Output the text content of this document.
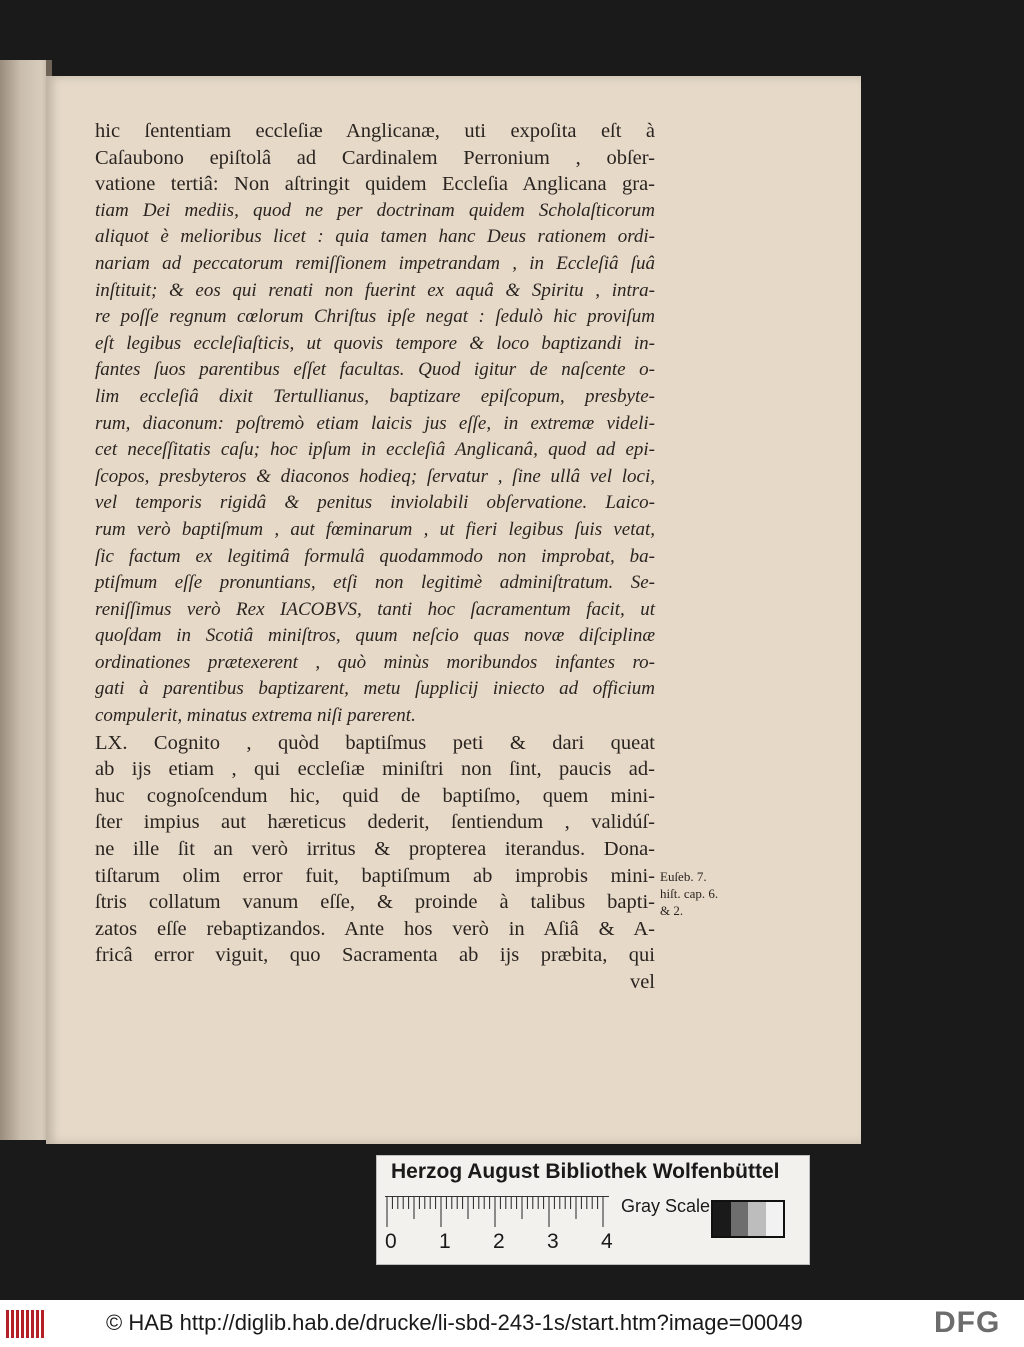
hic ſententiam eccleſiæ Anglicanæ, uti expoſita eſt à
Caſaubono epiſtolâ ad Cardinalem Perronium , obſer-
vatione tertiâ: Non aſtringit quidem Eccleſia Anglicana gra-
tiam Dei mediis, quod ne per doctrinam quidem Scholaſticorum
aliquot è melioribus licet : quia tamen hanc Deus rationem ordi-
nariam ad peccatorum remiſſionem impetrandam , in Eccleſiâ ſuâ
inſtituit; & eos qui renati non fuerint ex aquâ & Spiritu , intra-
re poſſe regnum cœlorum Chriſtus ipſe negat : ſedulò hic proviſum
eſt legibus eccleſiaſticis, ut quovis tempore & loco baptizandi in-
fantes ſuos parentibus eſſet facultas. Quod igitur de naſcente o-
lim eccleſiâ dixit Tertullianus, baptizare epiſcopum, presbyte-
rum, diaconum: poſtremò etiam laicis jus eſſe, in extremæ videli-
cet neceſſitatis caſu; hoc ipſum in eccleſiâ Anglicanâ, quod ad epi-
ſcopos, presbyteros & diaconos hodieq; ſervatur , ſine ullâ vel loci,
vel temporis rigidâ & penitus inviolabili obſervatione. Laico-
rum verò baptiſmum , aut fœminarum , ut fieri legibus ſuis vetat,
ſic factum ex legitimâ formulâ quodammodo non improbat, ba-
ptiſmum eſſe pronuntians, etſi non legitimè adminiſtratum. Se-
reniſſimus verò Rex IACOBVS, tanti hoc ſacramentum facit, ut
quoſdam in Scotiâ miniſtros, quum neſcio quas novæ diſciplinæ
ordinationes prætexerent , quò minùs moribundos infantes ro-
gati à parentibus baptizarent, metu ſupplicij iniecto ad officium
compulerit, minatus extrema niſi parerent.
LX. Cognito , quòd baptiſmus peti & dari queat
ab ijs etiam , qui eccleſiæ miniſtri non ſint, paucis ad-
huc cognoſcendum hic, quid de baptiſmo, quem mini-
ſter impius aut hæreticus dederit, ſentiendum , validúſ-
ne ille ſit an verò irritus & propterea iterandus. Dona-
tiſtarum olim error fuit, baptiſmum ab improbis mini-
ſtris collatum vanum eſſe, & proinde à talibus bapti-
zatos eſſe rebaptizandos. Ante hos verò in Aſiâ & A-
fricâ error viguit, quo Sacramenta ab ijs præbita, qui
vel
Euſeb. 7.
hiſt. cap. 6.
& 2.
Herzog August Bibliothek Wolfenbüttel
0 1 2 3 4
Gray Scale
© HAB http://diglib.hab.de/drucke/li-sbd-243-1s/start.htm?image=00049	DFG
